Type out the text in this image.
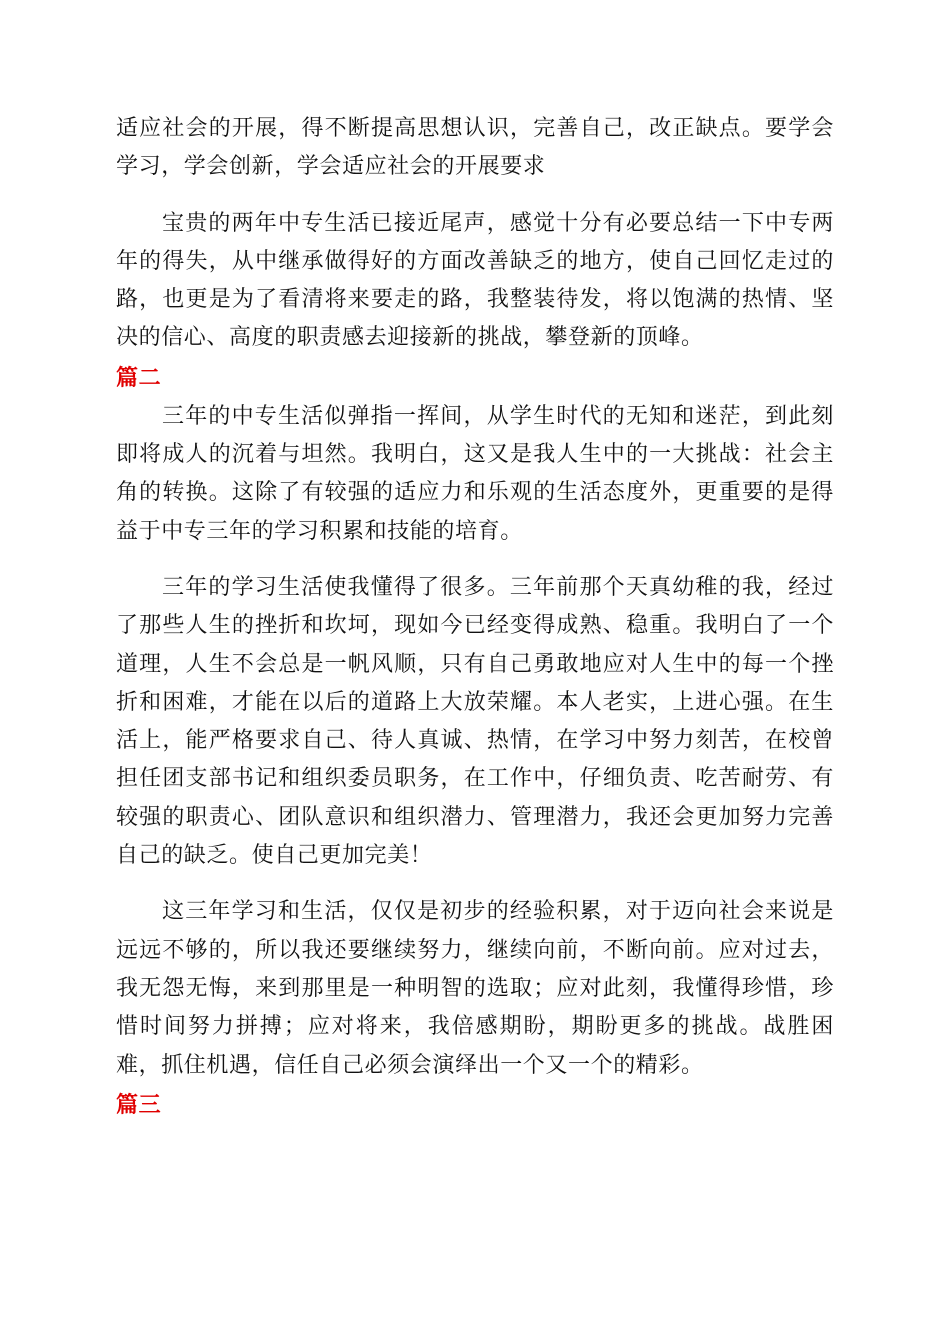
适应社会的开展，得不断提高思想认识，完善自己，改正缺点。要学会学习，学会创新，学会适应社会的开展要求

宝贵的两年中专生活已接近尾声，感觉十分有必要总结一下中专两年的得失，从中继承做得好的方面改善缺乏的地方，使自己回忆走过的路，也更是为了看清将来要走的路，我整装待发，将以饱满的热情、坚决的信心、高度的职责感去迎接新的挑战，攀登新的顶峰。

篇二

三年的中专生活似弹指一挥间，从学生时代的无知和迷茫，到此刻即将成人的沉着与坦然。我明白，这又是我人生中的一大挑战：社会主角的转换。这除了有较强的适应力和乐观的生活态度外，更重要的是得益于中专三年的学习积累和技能的培育。

三年的学习生活使我懂得了很多。三年前那个天真幼稚的我，经过了那些人生的挫折和坎坷，现如今已经变得成熟、稳重。我明白了一个道理，人生不会总是一帆风顺，只有自己勇敢地应对人生中的每一个挫折和困难，才能在以后的道路上大放荣耀。本人老实，上进心强。在生活上，能严格要求自己、待人真诚、热情，在学习中努力刻苦，在校曾担任团支部书记和组织委员职务，在工作中，仔细负责、吃苦耐劳、有较强的职责心、团队意识和组织潜力、管理潜力，我还会更加努力完善自己的缺乏。使自己更加完美！

这三年学习和生活，仅仅是初步的经验积累，对于迈向社会来说是远远不够的，所以我还要继续努力，继续向前，不断向前。应对过去，我无怨无悔，来到那里是一种明智的选取；应对此刻，我懂得珍惜，珍惜时间努力拼搏；应对将来，我倍感期盼，期盼更多的挑战。战胜困难，抓住机遇，信任自己必须会演绎出一个又一个的精彩。

篇三
